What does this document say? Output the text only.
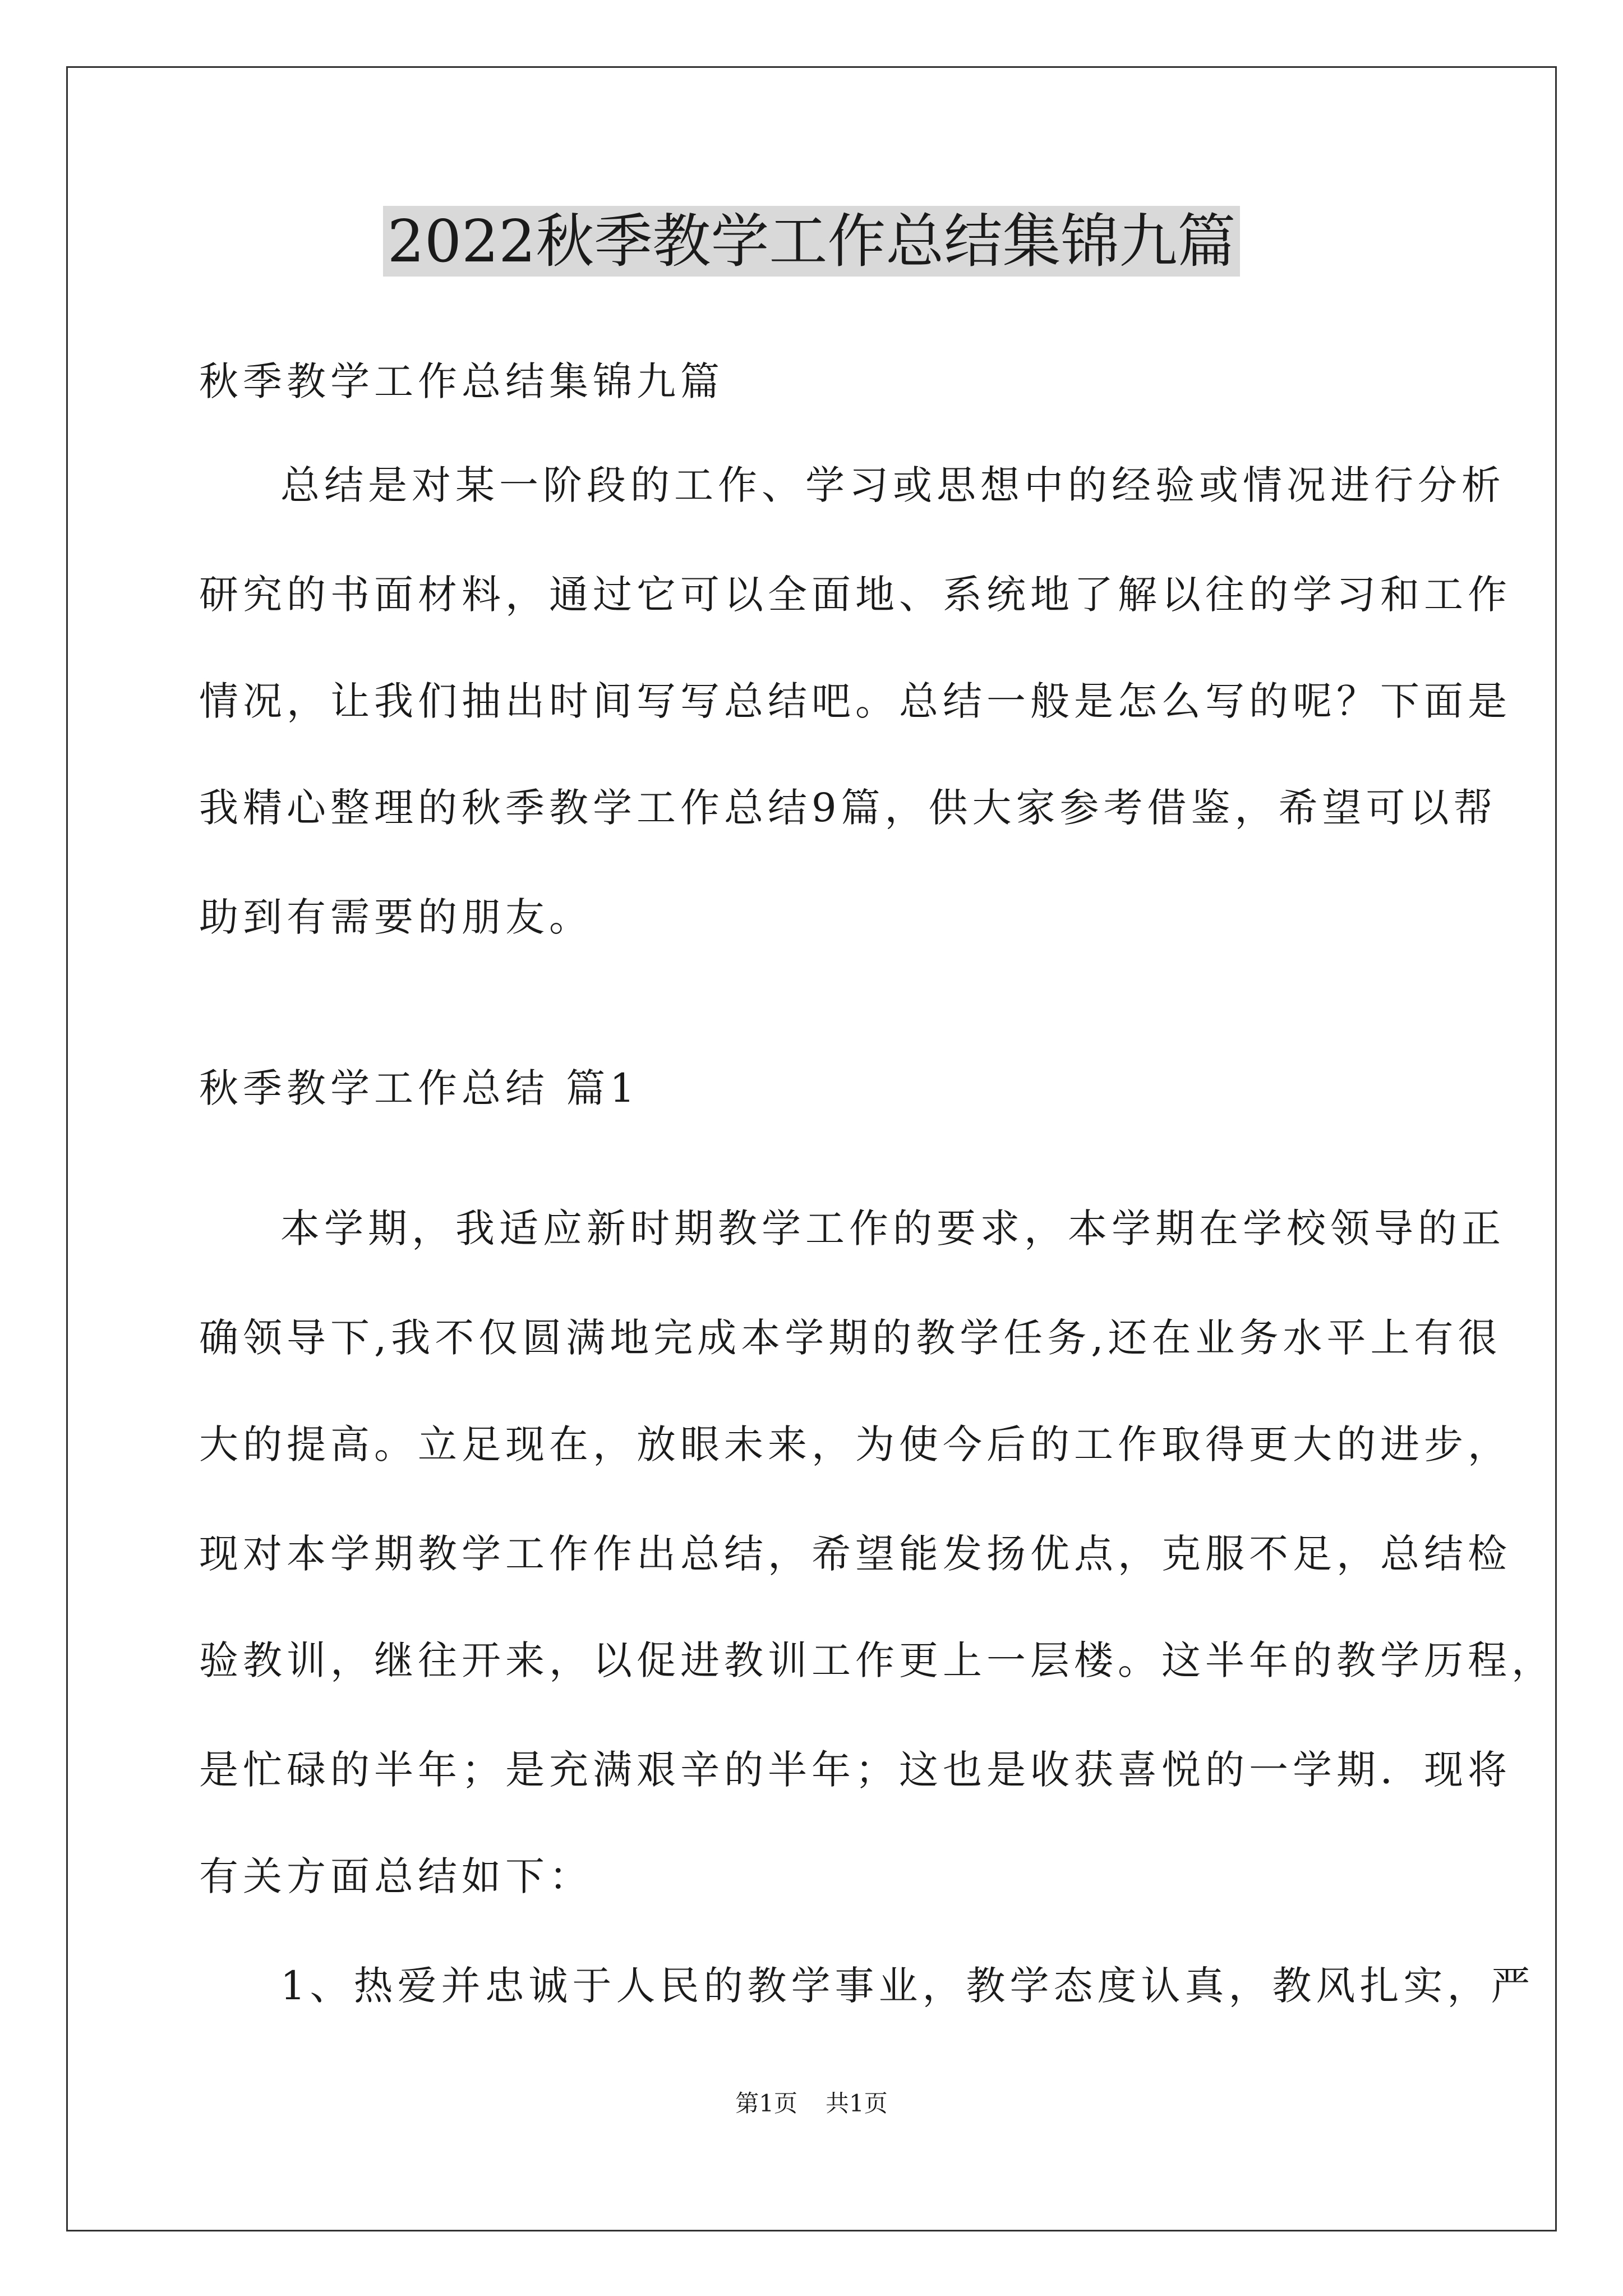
2022秋季教学工作总结集锦九篇
秋季教学工作总结集锦九篇
总结是对某一阶段的工作、学习或思想中的经验或情况进行分析
研究的书面材料，通过它可以全面地、系统地了解以往的学习和工作
情况，让我们抽出时间写写总结吧。总结一般是怎么写的呢？下面是
我精心整理的秋季教学工作总结9篇，供大家参考借鉴，希望可以帮
助到有需要的朋友。
秋季教学工作总结 篇1
本学期，我适应新时期教学工作的要求，本学期在学校领导的正
确领导下,我不仅圆满地完成本学期的教学任务,还在业务水平上有很
大的提高。立足现在，放眼未来，为使今后的工作取得更大的进步，
现对本学期教学工作作出总结，希望能发扬优点，克服不足，总结检
验教训，继往开来，以促进教训工作更上一层楼。这半年的教学历程，
是忙碌的半年；是充满艰辛的半年；这也是收获喜悦的一学期．现将
有关方面总结如下：
1、热爱并忠诚于人民的教学事业，教学态度认真，教风扎实，严
第1页 共1页
